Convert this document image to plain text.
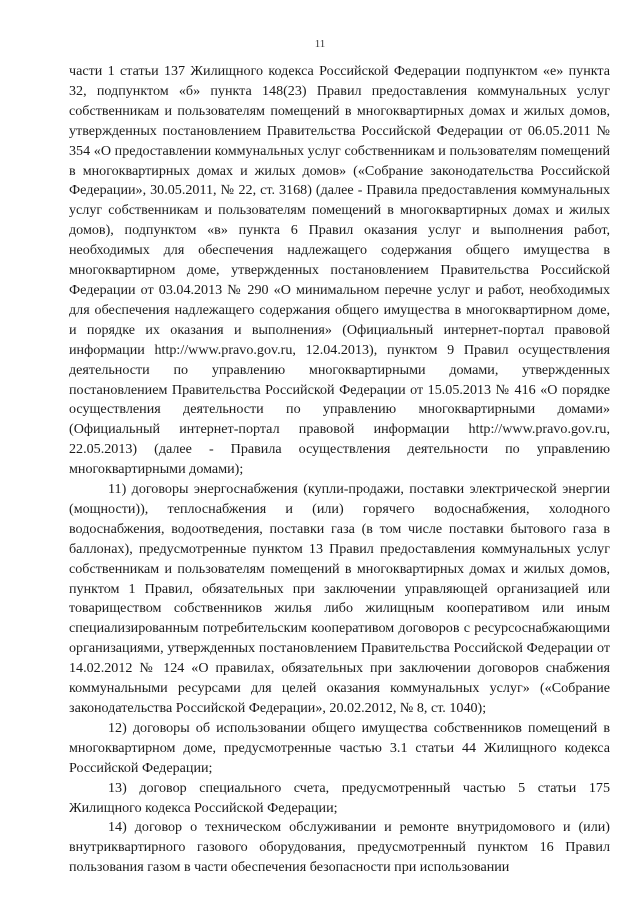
11

части 1 статьи 137 Жилищного кодекса Российской Федерации подпунктом «е» пункта 32, подпунктом «б» пункта 148(23) Правил предоставления коммунальных услуг собственникам и пользователям помещений в многоквартирных домах и жилых домов, утвержденных постановлением Правительства Российской Федерации от 06.05.2011 № 354 «О предоставлении коммунальных услуг собственникам и пользователям помещений в многоквартирных домах и жилых домов» («Собрание законодательства Российской Федерации», 30.05.2011, № 22, ст. 3168) (далее - Правила предоставления коммунальных услуг собственникам и пользователям помещений в многоквартирных домах и жилых домов), подпунктом «в» пункта 6 Правил оказания услуг и выполнения работ, необходимых для обеспечения надлежащего содержания общего имущества в многоквартирном доме, утвержденных постановлением Правительства Российской Федерации от 03.04.2013 № 290 «О минимальном перечне услуг и работ, необходимых для обеспечения надлежащего содержания общего имущества в многоквартирном доме, и порядке их оказания и выполнения» (Официальный интернет-портал правовой информации http://www.pravo.gov.ru, 12.04.2013), пунктом 9 Правил осуществления деятельности по управлению многоквартирными домами, утвержденных постановлением Правительства Российской Федерации от 15.05.2013 № 416 «О порядке осуществления деятельности по управлению многоквартирными домами» (Официальный интернет-портал правовой информации http://www.pravo.gov.ru, 22.05.2013) (далее - Правила осуществления деятельности по управлению многоквартирными домами);

11) договоры энергоснабжения (купли-продажи, поставки электрической энергии (мощности)), теплоснабжения и (или) горячего водоснабжения, холодного водоснабжения, водоотведения, поставки газа (в том числе поставки бытового газа в баллонах), предусмотренные пунктом 13 Правил предоставления коммунальных услуг собственникам и пользователям помещений в многоквартирных домах и жилых домов, пунктом 1 Правил, обязательных при заключении управляющей организацией или товариществом собственников жилья либо жилищным кооперативом или иным специализированным потребительским кооперативом договоров с ресурсоснабжающими организациями, утвержденных постановлением Правительства Российской Федерации от 14.02.2012 № 124 «О правилах, обязательных при заключении договоров снабжения коммунальными ресурсами для целей оказания коммунальных услуг» («Собрание законодательства Российской Федерации», 20.02.2012, № 8, ст. 1040);

12) договоры об использовании общего имущества собственников помещений в многоквартирном доме, предусмотренные частью 3.1 статьи 44 Жилищного кодекса Российской Федерации;

13) договор специального счета, предусмотренный частью 5 статьи 175 Жилищного кодекса Российской Федерации;

14) договор о техническом обслуживании и ремонте внутридомового и (или) внутриквартирного газового оборудования, предусмотренный пунктом 16 Правил пользования газом в части обеспечения безопасности при использовании
